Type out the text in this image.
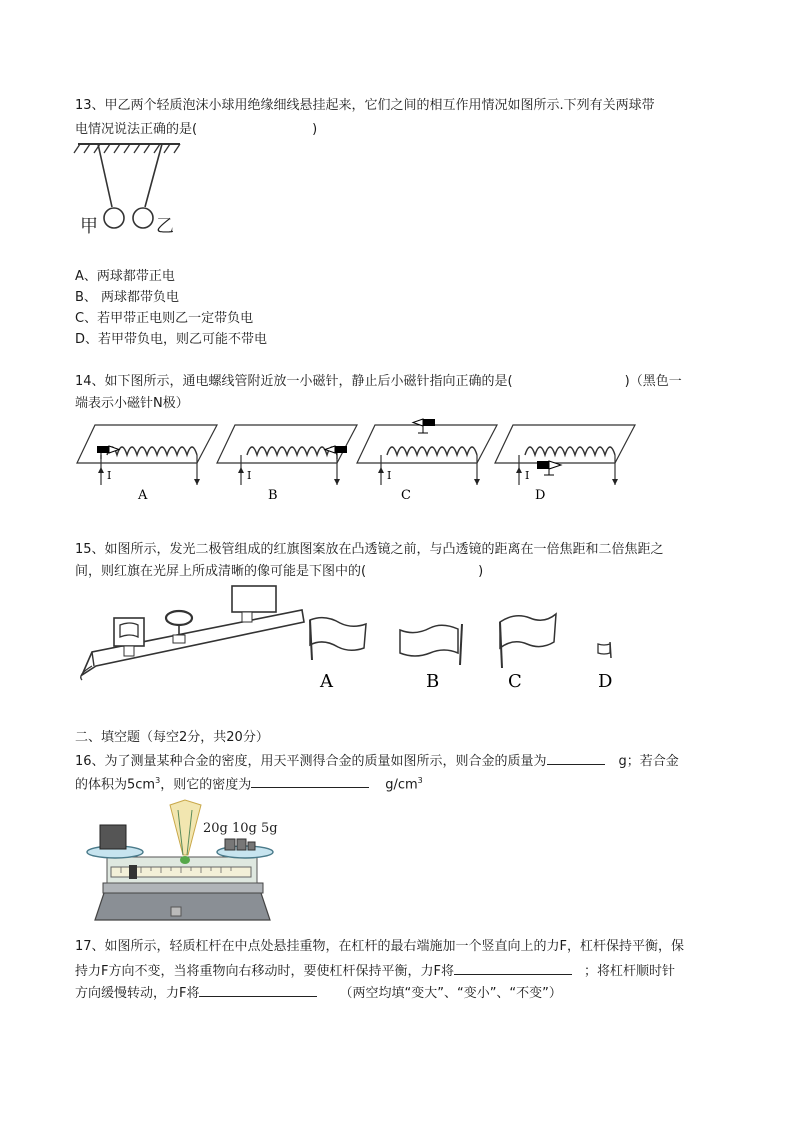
13、甲乙两个轻质泡沫小球用绝缘细线悬挂起来，它们之间的相互作用情况如图所示.下列有关两球带
电情况说法正确的是(	)
甲	乙
A、两球都带正电
B、 两球都带负电
C、若甲带正电则乙一定带负电
D、若甲带负电，则乙可能不带电
14、如下图所示，通电螺线管附近放一小磁针，静止后小磁针指向正确的是(	)（黑色一
端表示小磁针N极）
I
A
I
B
I
C
I
D
15、如图所示，发光二极管组成的红旗图案放在凸透镜之前，与凸透镜的距离在一倍焦距和二倍焦距之
间，则红旗在光屏上所成清晰的像可能是下图中的(	)
A	B	C	D
二、填空题（每空2分，共20分）
16、为了测量某种合金的密度，用天平测得合金的质量如图所示，则合金的质量为	g；若合金
的体积为$5cm^3$，则它的密度为	$g/cm^3$
20g 10g 5g
17、如图所示，轻质杠杆在中点处悬挂重物，在杠杆的最右端施加一个竖直向上的力F，杠杆保持平衡，保
持力F方向不变，当将重物向右移动时，要使杠杆保持平衡，力F将	；将杠杆顺时针
方向缓慢转动，力F将	（两空均填“变大”、“变小”、“不变”）
